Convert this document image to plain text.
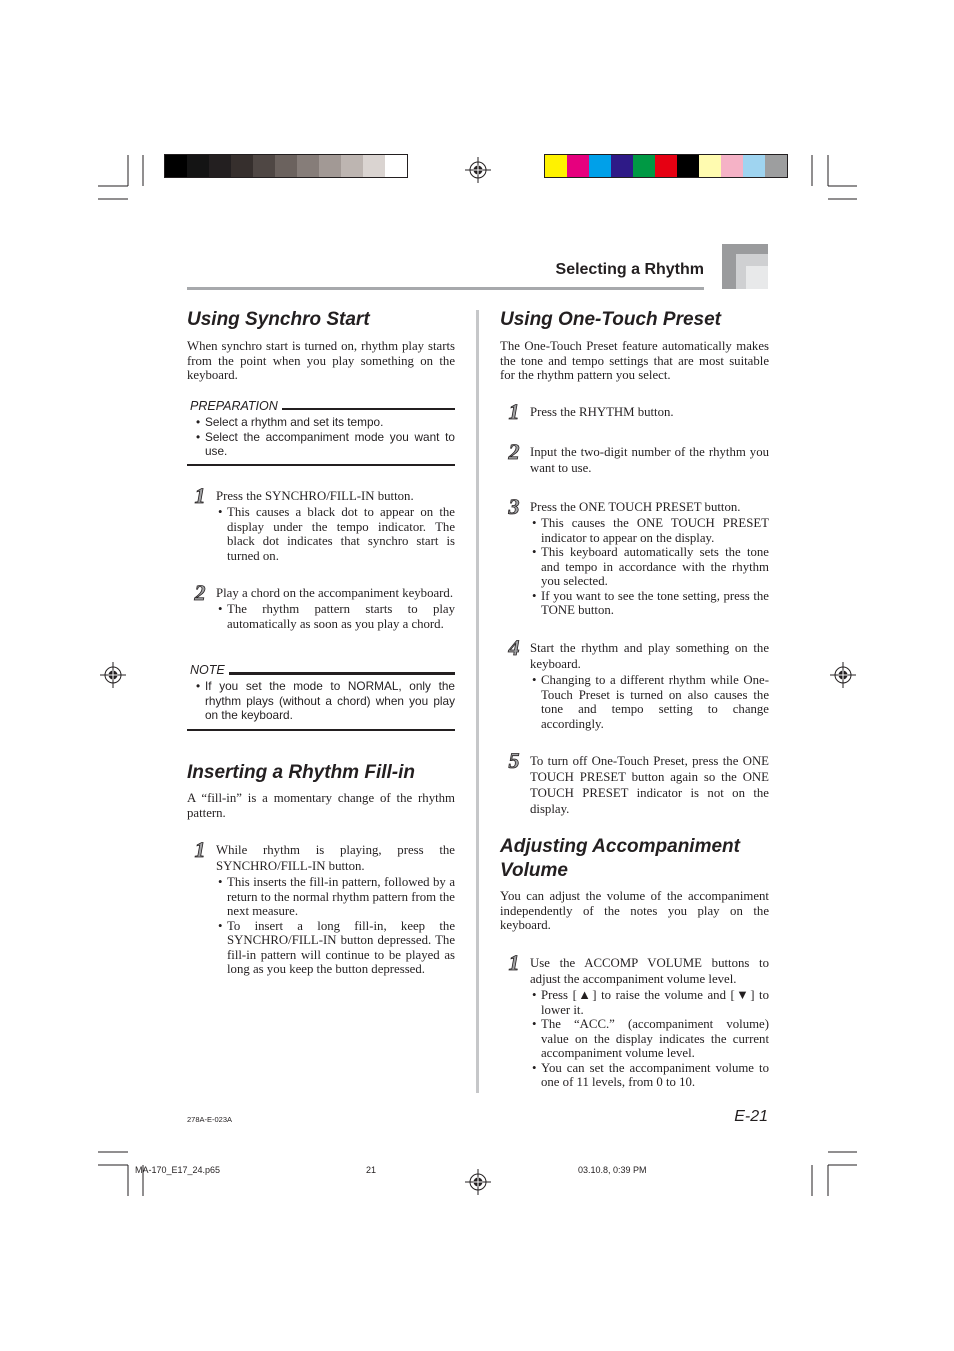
Selecting a Rhythm
Using Synchro Start
When synchro start is turned on, rhythm play starts from the point when you play something on the keyboard.
PREPARATION
• Select a rhythm and set its tempo.
• Select the accompaniment mode you want to use.
1 Press the SYNCHRO/FILL-IN button.
• This causes a black dot to appear on the display under the tempo indicator. The black dot indicates that synchro start is turned on.
2 Play a chord on the accompaniment keyboard.
• The rhythm pattern starts to play automatically as soon as you play a chord.
NOTE
• If you set the mode to NORMAL, only the rhythm plays (without a chord) when you play on the keyboard.
Inserting a Rhythm Fill-in
A “fill-in” is a momentary change of the rhythm pattern.
1 While rhythm is playing, press the SYNCHRO/FILL-IN button.
• This inserts the fill-in pattern, followed by a return to the normal rhythm pattern from the next measure.
• To insert a long fill-in, keep the SYNCHRO/FILL-IN button depressed. The fill-in pattern will continue to be played as long as you keep the button depressed.
Using One-Touch Preset
The One-Touch Preset feature automatically makes the tone and tempo settings that are most suitable for the rhythm pattern you select.
1 Press the RHYTHM button.
2 Input the two-digit number of the rhythm you want to use.
3 Press the ONE TOUCH PRESET button.
• This causes the ONE TOUCH PRESET indicator to appear on the display.
• This keyboard automatically sets the tone and tempo in accordance with the rhythm you selected.
• If you want to see the tone setting, press the TONE button.
4 Start the rhythm and play something on the keyboard.
• Changing to a different rhythm while One-Touch Preset is turned on also causes the tone and tempo setting to change accordingly.
5 To turn off One-Touch Preset, press the ONE TOUCH PRESET button again so the ONE TOUCH PRESET indicator is not on the display.
Adjusting Accompaniment Volume
You can adjust the volume of the accompaniment independently of the notes you play on the keyboard.
1 Use the ACCOMP VOLUME buttons to adjust the accompaniment volume level.
• Press [▲] to raise the volume and [▼] to lower it.
• The “ACC.” (accompaniment volume) value on the display indicates the current accompaniment volume level.
• You can set the accompaniment volume to one of 11 levels, from 0 to 10.
278A-E-023A	E-21
MA-170_E17_24.p65	21	03.10.8, 0:39 PM
